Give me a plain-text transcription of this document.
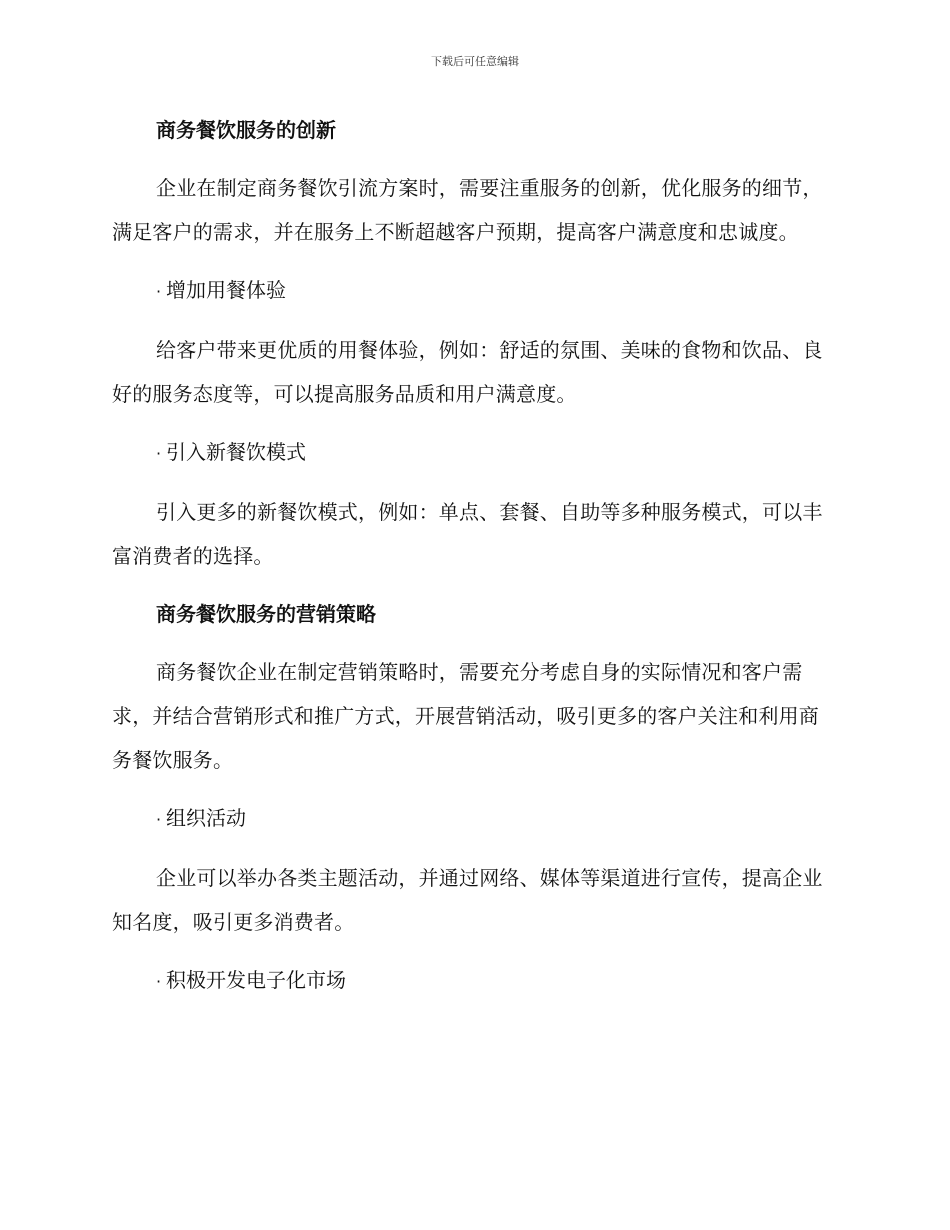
下载后可任意编辑
商务餐饮服务的创新
企业在制定商务餐饮引流方案时，需要注重服务的创新，优化服务的细节，满足客户的需求，并在服务上不断超越客户预期，提高客户满意度和忠诚度。
· 增加用餐体验
给客户带来更优质的用餐体验，例如：舒适的氛围、美味的食物和饮品、良好的服务态度等，可以提高服务品质和用户满意度。
· 引入新餐饮模式
引入更多的新餐饮模式，例如：单点、套餐、自助等多种服务模式，可以丰富消费者的选择。
商务餐饮服务的营销策略
商务餐饮企业在制定营销策略时，需要充分考虑自身的实际情况和客户需求，并结合营销形式和推广方式，开展营销活动，吸引更多的客户关注和利用商务餐饮服务。
· 组织活动
企业可以举办各类主题活动，并通过网络、媒体等渠道进行宣传，提高企业知名度，吸引更多消费者。
· 积极开发电子化市场
